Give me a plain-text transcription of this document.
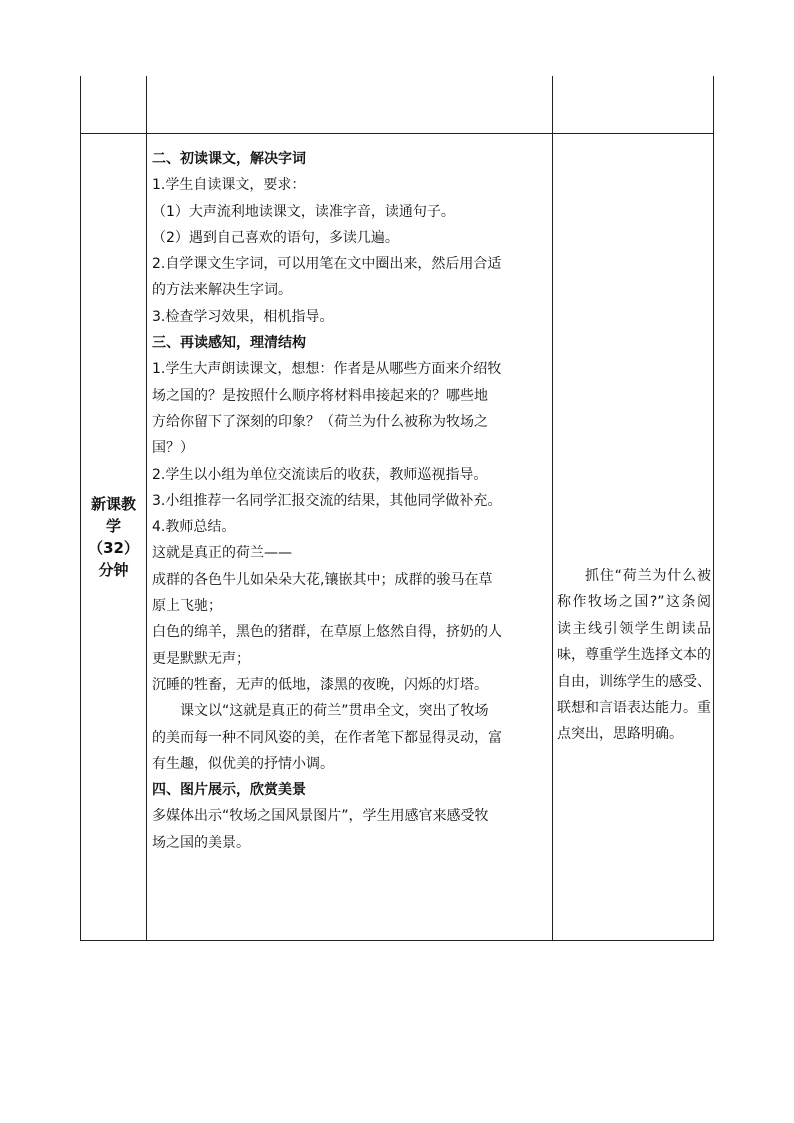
新课教学（32）分钟

二、初读课文，解决字词

1.学生自读课文，要求：

（1）大声流利地读课文，读准字音，读通句子。

（2）遇到自己喜欢的语句，多读几遍。

2.自学课文生字词，可以用笔在文中圈出来，然后用合适

的方法来解决生字词。

3.检查学习效果，相机指导。

三、再读感知，理清结构

1.学生大声朗读课文，想想：作者是从哪些方面来介绍牧

场之国的？是按照什么顺序将材料串接起来的？哪些地

方给你留下了深刻的印象？（荷兰为什么被称为牧场之

国？）

2.学生以小组为单位交流读后的收获，教师巡视指导。

3.小组推荐一名同学汇报交流的结果，其他同学做补充。

4.教师总结。

这就是真正的荷兰——

成群的各色牛儿如朵朵大花,镶嵌其中；成群的骏马在草

原上飞驰；

白色的绵羊，黑色的猪群，在草原上悠然自得，挤奶的人

更是默默无声；

沉睡的牲畜，无声的低地，漆黑的夜晚，闪烁的灯塔。

课文以“这就是真正的荷兰”贯串全文，突出了牧场

的美而每一种不同风姿的美，在作者笔下都显得灵动，富

有生趣，似优美的抒情小调。

四、图片展示，欣赏美景

多媒体出示“牧场之国风景图片”，学生用感官来感受牧

场之国的美景。

抓住“荷兰为什么被称作牧场之国?”这条阅读主线引领学生朗读品味，尊重学生选择文本的自由，训练学生的感受、联想和言语表达能力。重点突出，思路明确。
